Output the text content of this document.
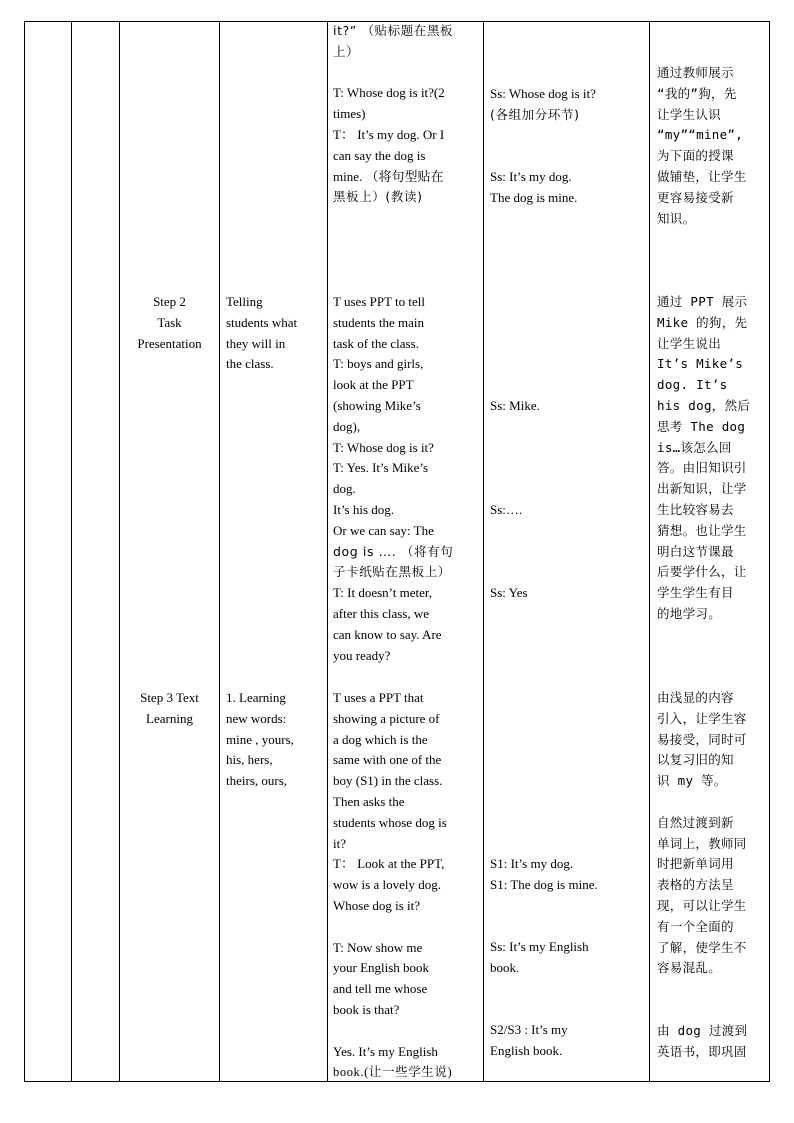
it?” （贴标题在黑板

上）

T: Whose dog is it?(2

times)

T： It’s my dog. Or I

can say the dog is

mine. （将句型贴在

黑板上）(教读)

Ss: Whose dog is it?

(各组加分环节)

Ss: It’s my dog.

The dog is mine.

通过教师展示

“我的”狗，先

让学生认识

“my”“mine”,

为下面的授课

做铺垫，让学生

更容易接受新

知识。

Step 2
Task
Presentation

Telling

students what

they will in

the class.

T uses PPT to tell

students the main

task of the class.

T: boys and girls,

look at the PPT

(showing Mike’s

dog),

T: Whose dog is it?

T: Yes. It’s Mike’s

dog.

It’s his dog.

Or we can say: The

dog is …. （将有句

子卡纸贴在黑板上）

T: It doesn’t meter,

after this class, we

can know to say. Are

you ready?

Ss: Mike.
Ss:….
Ss: Yes

通过 PPT 展示

Mike 的狗，先

让学生说出

It’s Mike’s

dog. It’s

his dog，然后

思考 The dog

is…该怎么回

答。由旧知识引

出新知识，让学

生比较容易去

猜想。也让学生

明白这节课最

后要学什么，让

学生学生有目

的地学习。

Step 3 Text
Learning

1. Learning

new words:

mine , yours,

his, hers,

theirs, ours,

T uses a PPT that

showing a picture of

a dog which is the

same with one of the

boy (S1) in the class.

Then asks the

students whose dog is

it?

T： Look at the PPT,

wow is a lovely dog.

Whose dog is it?

T: Now show me

your English book

and tell me whose

book is that?

Yes. It’s my English

book.(让一些学生说)

S1: It’s my dog.

S1: The dog is mine.

Ss: It’s my English

book.

S2/S3 : It’s my

English book.

由浅显的内容

引入，让学生容

易接受，同时可

以复习旧的知

识 my 等。

自然过渡到新

单词上，教师同

时把新单词用

表格的方法呈

现，可以让学生

有一个全面的

了解，使学生不

容易混乱。

由 dog 过渡到

英语书，即巩固
